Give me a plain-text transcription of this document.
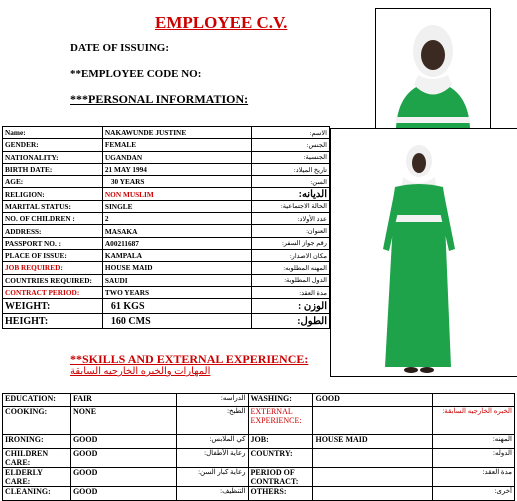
EMPLOYEE C.V.
DATE OF ISSUING:
**EMPLOYEE CODE NO:
***PERSONAL INFORMATION:
Name:	NAKAWUNDE JUSTINE	الاسم:
GENDER:	FEMALE	الجنس:
NATIONALITY:	UGANDAN	الجنسية:
BIRTH DATE:	21 MAY 1994	تاريخ الميلاد:
AGE:	30 YEARS	السن:
RELIGION:	NON MUSLIM	الديانه:
MARITAL STATUS:	SINGLE	الحالة الاجتماعية:
NO. OF CHILDREN :	2	عدد الأولاد:
ADDRESS:	MASAKA	العنوان:
PASSPORT NO. :	A00211687	رقم جواز السفر:
PLACE OF ISSUE:	KAMPALA	مكان الاصدار:
JOB REQUIRED:	HOUSE MAID	المهنه المطلوبه:
COUNTRIES REQUIRED:	SAUDI	الدول المطلوبة:
CONTRACT PERIOD:	TWO YEARS	مدة العقد:
WEIGHT:	61 KGS	الوزن :
HEIGHT:	160 CMS	الطول:
**SKILLS AND EXTERNAL EXPERIENCE:
المهارات والخبره الخارجيه السابقة
EDUCATION:	FAIR	الدراسه:	WASHING:	GOOD	
COOKING:	NONE	الطبخ:	EXTERNAL EXPERIENCE:		الخبره الخارجيه السابقة:
IRONING:	GOOD	كي الملابس:	JOB:	HOUSE MAID	المهنه:
CHILDREN CARE:	GOOD	رعاية الأطفال:	COUNTRY:		الدوله:
ELDERLY CARE:	GOOD	رعاية كبار السن:	PERIOD OF CONTRACT:		مدة العقد:
CLEANING:	GOOD	التنظيف:	OTHERS:		أخرى:
